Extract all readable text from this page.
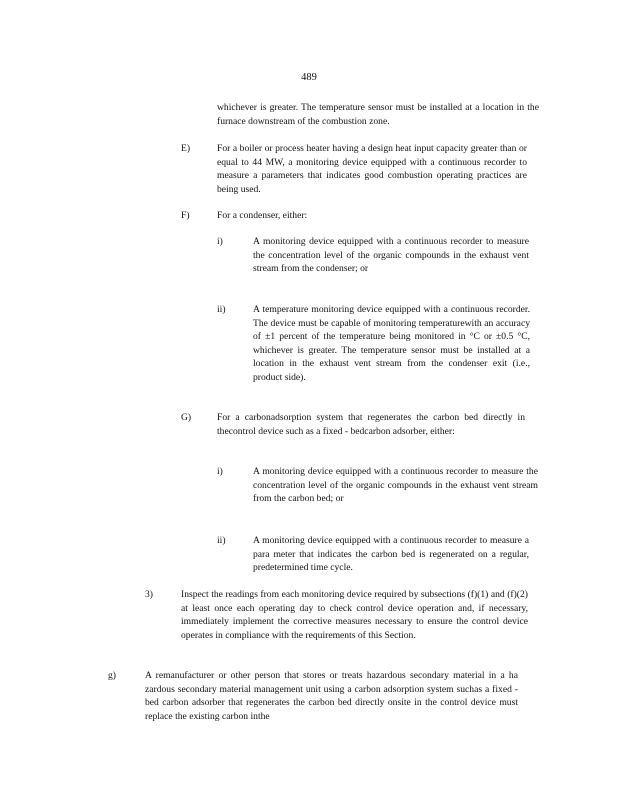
489
whichever is greater. The temperature sensor must be installed at a location in the furnace downstream of the combustion zone.
E)	For a boiler or process heater having a design heat input capacity greater than or equal to 44 MW, a monitoring device equipped with a continuous recorder to measure a parameters that indicates good combustion operating practices are being used.
F)	For a condenser, either:
i)	A monitoring device equipped with a continuous recorder to measure the concentration level of the organic compounds in the exhaust vent stream from the condenser; or
ii)	A temperature monitoring device equipped with a continuous recorder. The device must be capable of monitoring temperaturewith an accuracy of ±1 percent of the temperature being monitored in °C or ±0.5 °C, whichever is greater. The temperature sensor must be installed at a location in the exhaust vent stream from the condenser exit (i.e., product side).
G)	For a carbonadsorption system that regenerates the carbon bed directly in thecontrol device such as a fixed - bedcarbon adsorber, either:
i)	A monitoring device equipped with a continuous recorder to measure the concentration level of the organic compounds in the exhaust vent stream from the carbon bed; or
ii)	A monitoring device equipped with a continuous recorder to measure a para meter that indicates the carbon bed is regenerated on a regular, predetermined time cycle.
3)	Inspect the readings from each monitoring device required by subsections (f)(1) and (f)(2) at least once each operating day to check control device operation and, if necessary, immediately implement the corrective measures necessary to ensure the control device operates in compliance with the requirements of this Section.
g)	A remanufacturer or other person that stores or treats hazardous secondary material in a ha zardous secondary material management unit using a carbon adsorption system suchas a fixed -bed carbon adsorber that regenerates the carbon bed directly onsite in the control device must replace the existing carbon inthe
